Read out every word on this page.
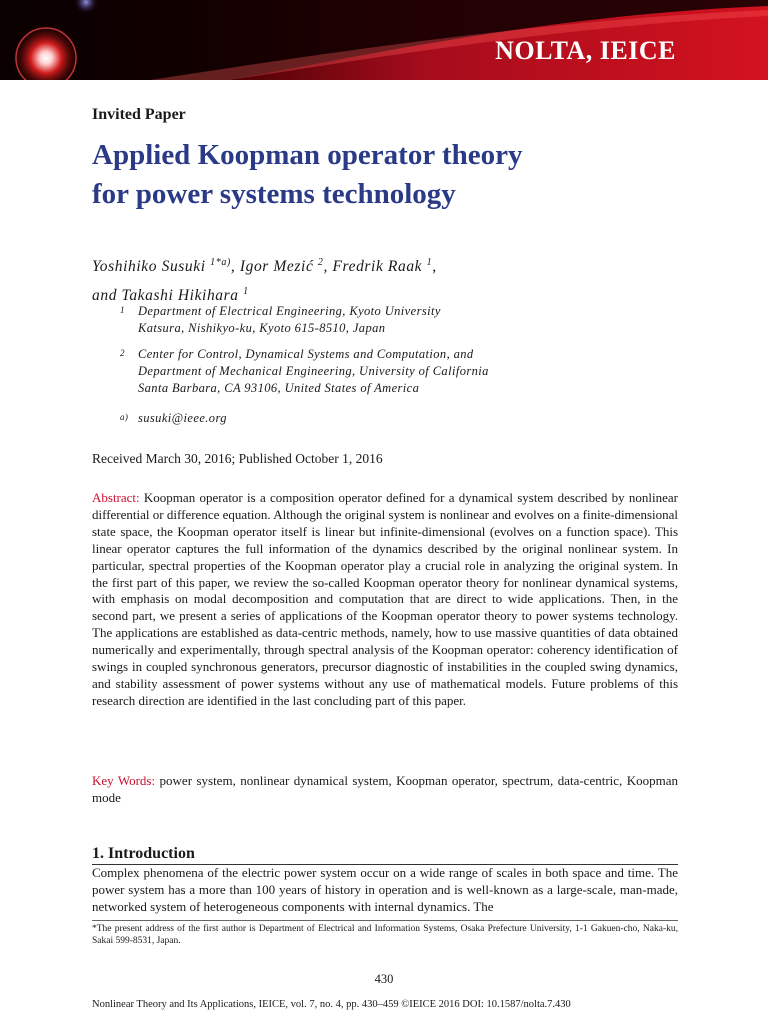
NOLTA, IEICE
Invited Paper
Applied Koopman operator theory
for power systems technology
Yoshihiko Susuki $^{1*a)}$, Igor Mezić $^2$, Fredrik Raak $^1$,
and Takashi Hikihara $^1$
1 Department of Electrical Engineering, Kyoto University
Katsura, Nishikyo-ku, Kyoto 615-8510, Japan
2 Center for Control, Dynamical Systems and Computation, and
Department of Mechanical Engineering, University of California
Santa Barbara, CA 93106, United States of America
a) susuki@ieee.org
Received March 30, 2016; Published October 1, 2016
Abstract: Koopman operator is a composition operator defined for a dynamical system described by nonlinear differential or difference equation. Although the original system is nonlinear and evolves on a finite-dimensional state space, the Koopman operator itself is linear but infinite-dimensional (evolves on a function space). This linear operator captures the full information of the dynamics described by the original nonlinear system. In particular, spectral properties of the Koopman operator play a crucial role in analyzing the original system. In the first part of this paper, we review the so-called Koopman operator theory for nonlinear dynamical systems, with emphasis on modal decomposition and computation that are direct to wide applications. Then, in the second part, we present a series of applications of the Koopman operator theory to power systems technology. The applications are established as data-centric methods, namely, how to use massive quantities of data obtained numerically and experimentally, through spectral analysis of the Koopman operator: coherency identification of swings in coupled synchronous generators, precursor diagnostic of instabilities in the coupled swing dynamics, and stability assessment of power systems without any use of mathematical models. Future problems of this research direction are identified in the last concluding part of this paper.
Key Words: power system, nonlinear dynamical system, Koopman operator, spectrum, data-centric, Koopman mode
1. Introduction
Complex phenomena of the electric power system occur on a wide range of scales in both space and time. The power system has a more than 100 years of history in operation and is well-known as a large-scale, man-made, networked system of heterogeneous components with internal dynamics. The
*The present address of the first author is Department of Electrical and Information Systems, Osaka Prefecture University, 1-1 Gakuen-cho, Naka-ku, Sakai 599-8531, Japan.
430
Nonlinear Theory and Its Applications, IEICE, vol. 7, no. 4, pp. 430–459 ©IEICE 2016 DOI: 10.1587/nolta.7.430
